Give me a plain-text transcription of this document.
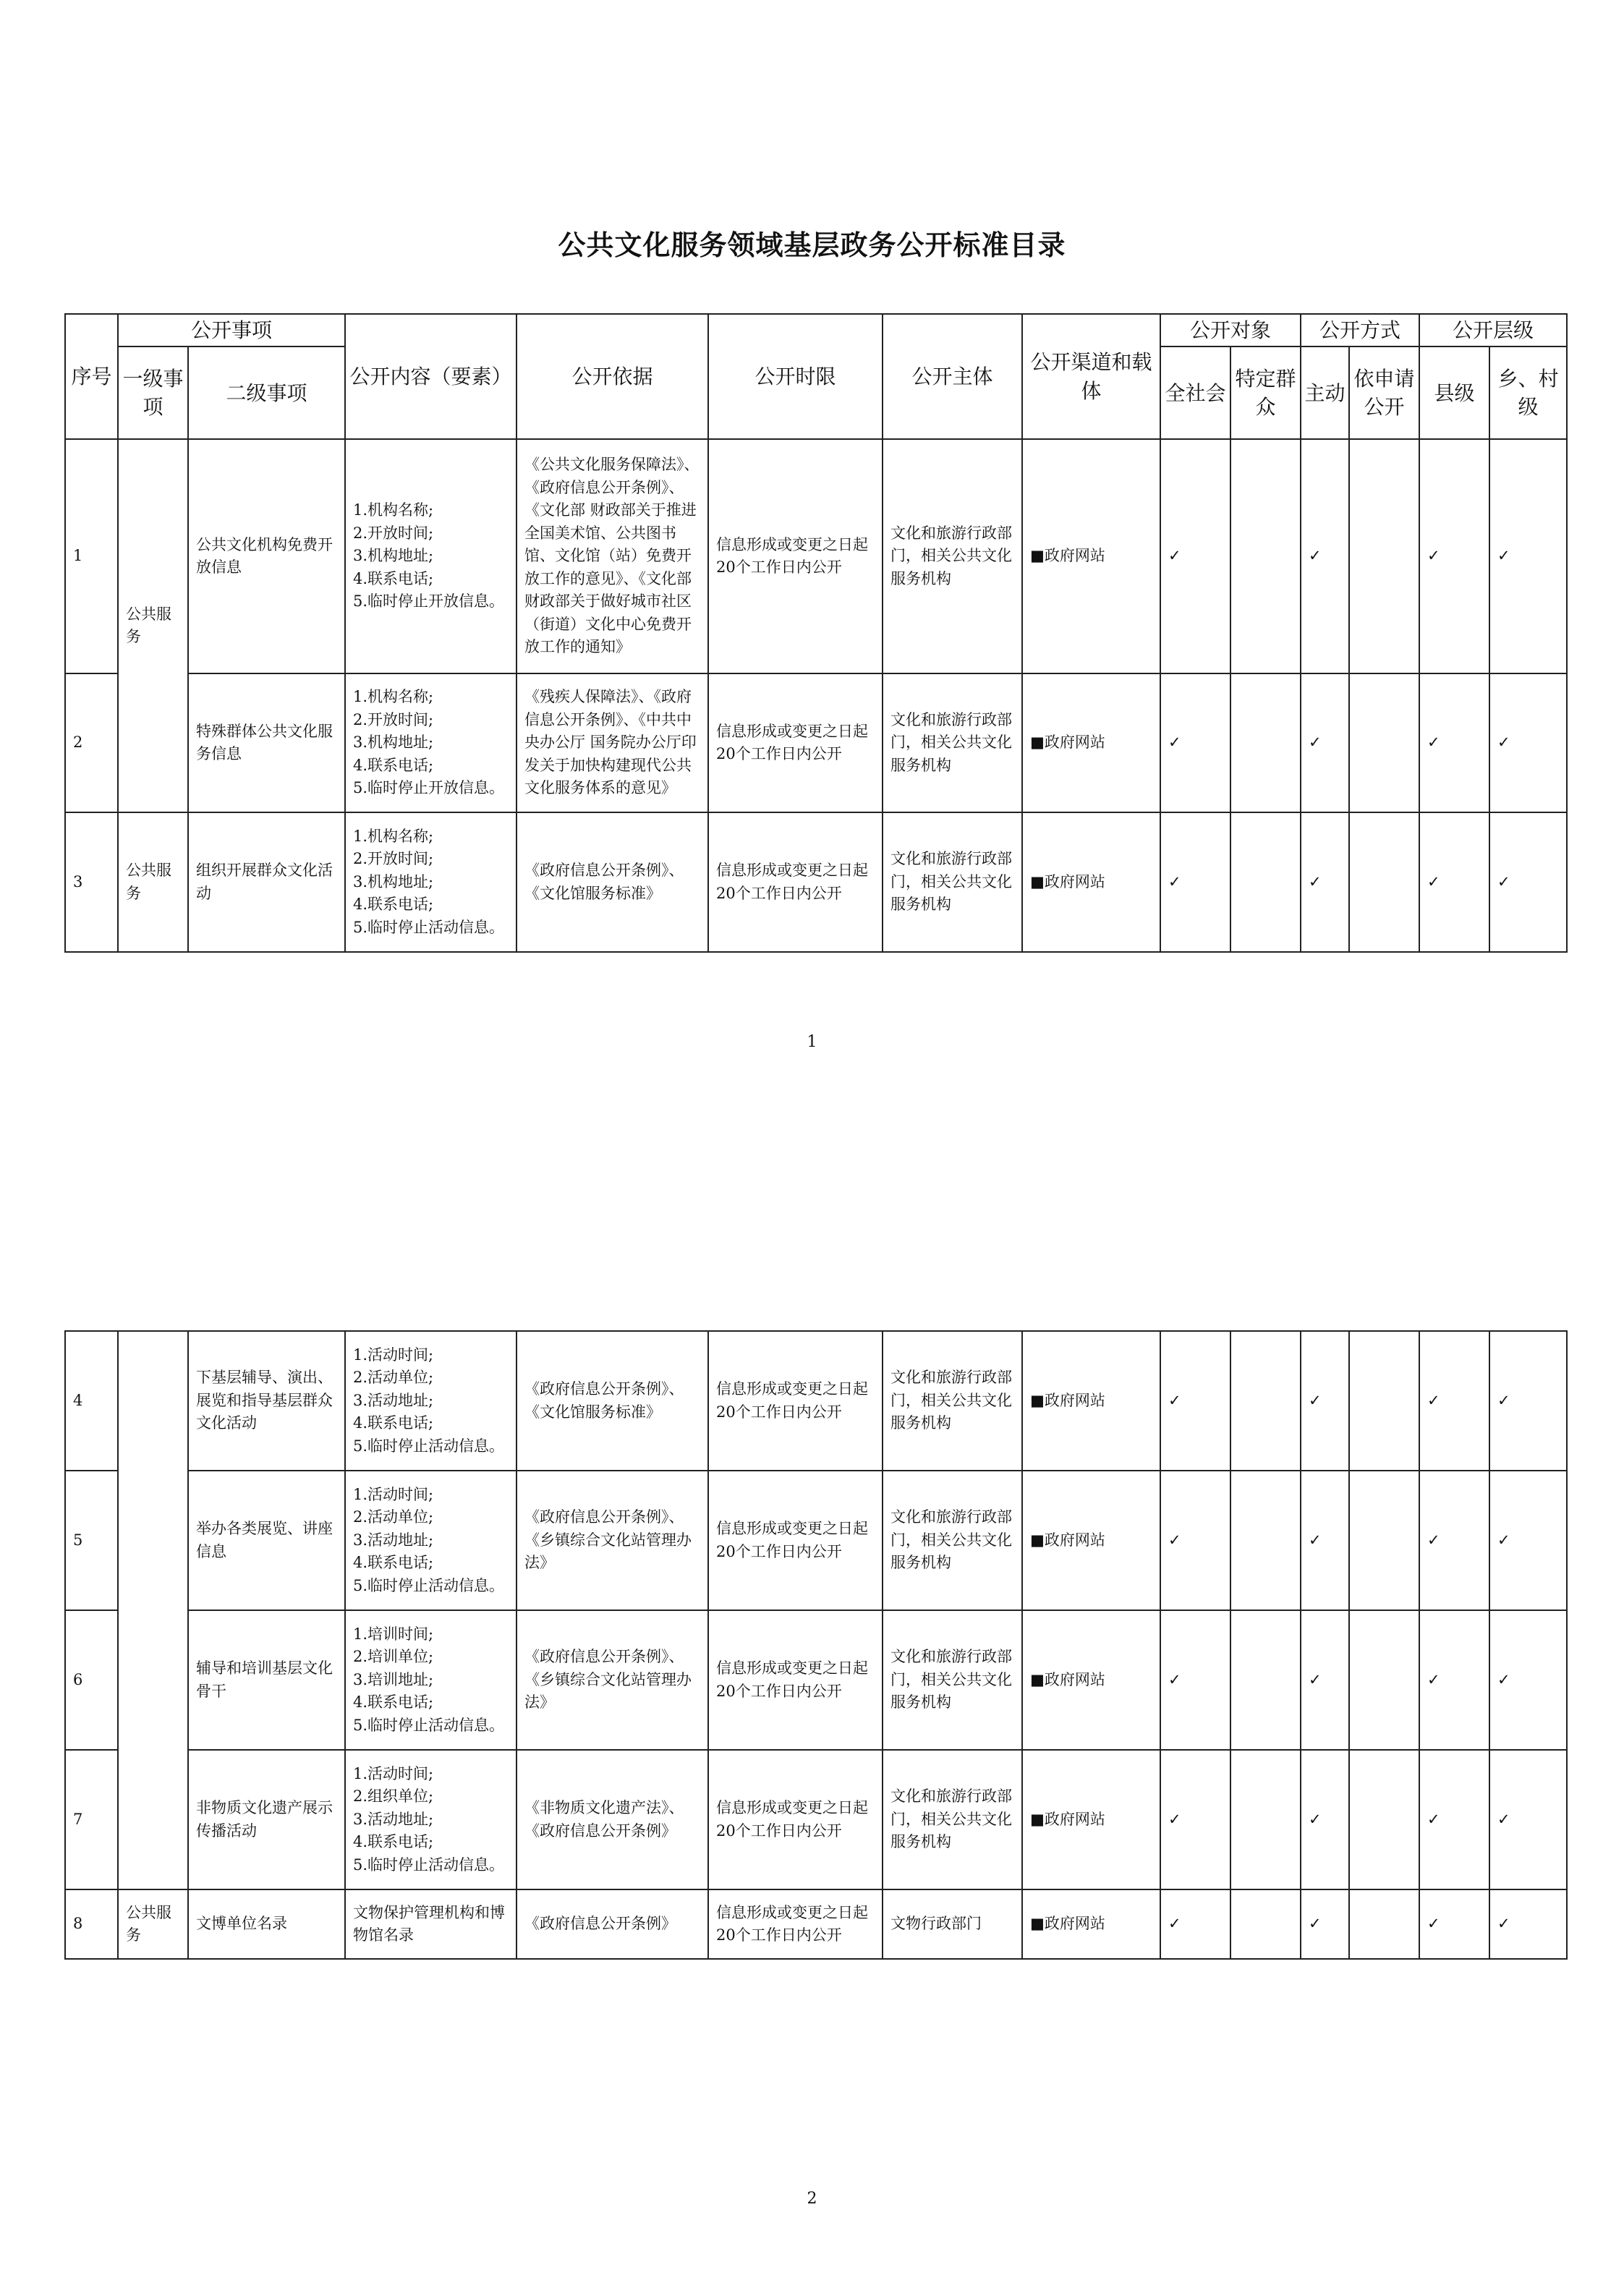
公共文化服务领域基层政务公开标准目录
序号	公开事项		公开内容（要素）	公开依据	公开时限	公开主体	公开渠道和载体	公开对象		公开方式		公开层级	
	一级事项	二级事项						全社会	特定群众	主动	依申请公开	县级	乡、村级
1	公共服务	公共文化机构免费开放信息	1.机构名称;
2.开放时间;
3.机构地址;
4.联系电话;
5.临时停止开放信息。	《公共文化服务保障法》、《政府信息公开条例》、《文化部 财政部关于推进全国美术馆、公共图书馆、文化馆（站）免费开放工作的意见》、《文化部 财政部关于做好城市社区（街道）文化中心免费开放工作的通知》	信息形成或变更之日起20个工作日内公开	文化和旅游行政部门，相关公共文化服务机构	■政府网站	✓		✓		✓	✓
2		特殊群体公共文化服务信息	1.机构名称;
2.开放时间;
3.机构地址;
4.联系电话;
5.临时停止开放信息。	《残疾人保障法》、《政府信息公开条例》、《中共中央办公厅 国务院办公厅印发关于加快构建现代公共文化服务体系的意见》	信息形成或变更之日起20个工作日内公开	文化和旅游行政部门，相关公共文化服务机构	■政府网站	✓		✓		✓	✓
3	公共服务	组织开展群众文化活动	1.机构名称;
2.开放时间;
3.机构地址;
4.联系电话;
5.临时停止活动信息。	《政府信息公开条例》、《文化馆服务标准》	信息形成或变更之日起20个工作日内公开	文化和旅游行政部门，相关公共文化服务机构	■政府网站	✓		✓		✓	✓
1
4		下基层辅导、演出、展览和指导基层群众文化活动	1.活动时间;
2.活动单位;
3.活动地址;
4.联系电话;
5.临时停止活动信息。	《政府信息公开条例》、《文化馆服务标准》	信息形成或变更之日起20个工作日内公开	文化和旅游行政部门，相关公共文化服务机构	■政府网站	✓		✓		✓	✓
5		举办各类展览、讲座信息	1.活动时间;
2.活动单位;
3.活动地址;
4.联系电话;
5.临时停止活动信息。	《政府信息公开条例》、《乡镇综合文化站管理办法》	信息形成或变更之日起20个工作日内公开	文化和旅游行政部门，相关公共文化服务机构	■政府网站	✓		✓		✓	✓
6		辅导和培训基层文化骨干	1.培训时间;
2.培训单位;
3.培训地址;
4.联系电话;
5.临时停止活动信息。	《政府信息公开条例》、《乡镇综合文化站管理办法》	信息形成或变更之日起20个工作日内公开	文化和旅游行政部门，相关公共文化服务机构	■政府网站	✓		✓		✓	✓
7		非物质文化遗产展示传播活动	1.活动时间;
2.组织单位;
3.活动地址;
4.联系电话;
5.临时停止活动信息。	《非物质文化遗产法》、《政府信息公开条例》	信息形成或变更之日起20个工作日内公开	文化和旅游行政部门，相关公共文化服务机构	■政府网站	✓		✓		✓	✓
8	公共服务	文博单位名录	文物保护管理机构和博物馆名录	《政府信息公开条例》	信息形成或变更之日起20个工作日内公开	文物行政部门	■政府网站	✓		✓		✓	✓
2
